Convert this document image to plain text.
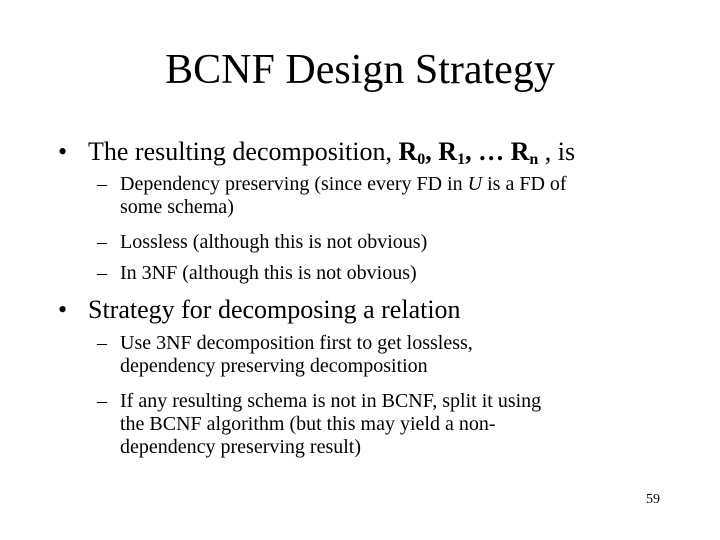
BCNF Design Strategy
• The resulting decomposition, $R_0$, $R_1$, … $R_n$ , is
– Dependency preserving (since every FD in U is a FD of
some schema)
– Lossless (although this is not obvious)
– In 3NF (although this is not obvious)
• Strategy for decomposing a relation
– Use 3NF decomposition first to get lossless,
dependency preserving decomposition
– If any resulting schema is not in BCNF, split it using
the BCNF algorithm (but this may yield a non-
dependency preserving result)
59
